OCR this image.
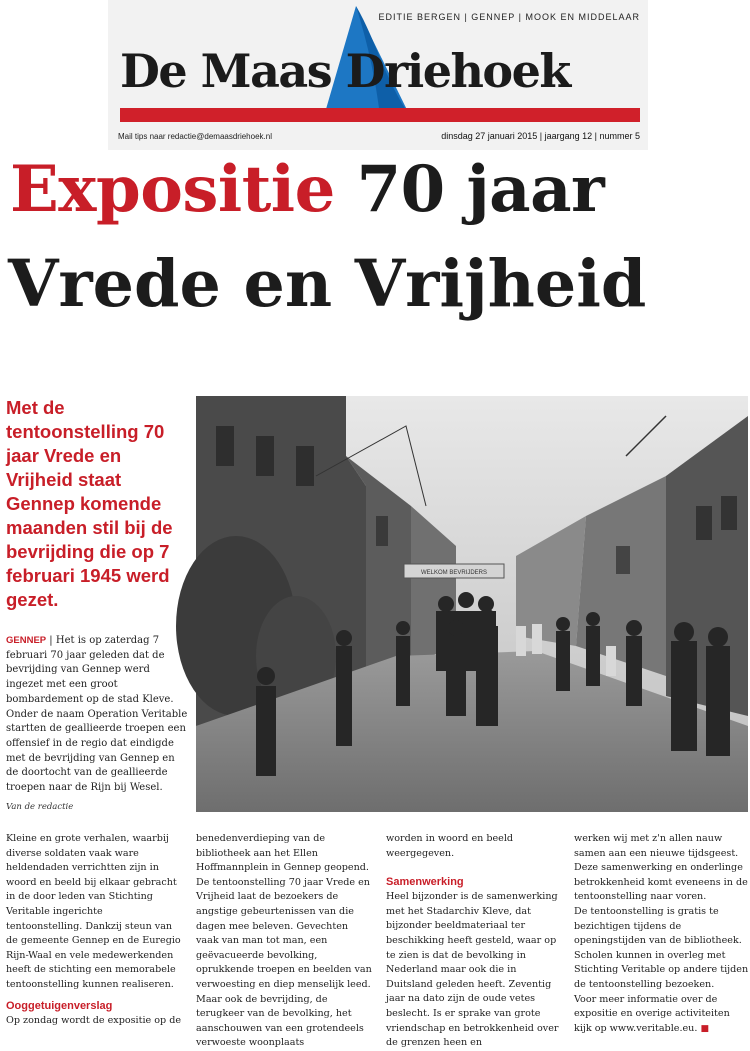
EDITIE BERGEN | GENNEP | MOOK EN MIDDELAAR
De Maas Driehoek
Mail tips naar redactie@demaasdriehoek.nl	dinsdag 27 januari 2015 | jaargang 12 | nummer 5
Expositie 70 jaar
Vrede en Vrijheid
Met de tentoonstelling 70 jaar Vrede en Vrijheid staat Gennep komende maanden stil bij de bevrijding die op 7 februari 1945 werd gezet.
GENNEP | Het is op zaterdag 7 februari 70 jaar geleden dat de bevrijding van Gennep werd ingezet met een groot bombardement op de stad Kleve. Onder de naam Operation Veritable startten de geallieerde troepen een offensief in de regio dat eindigde met de bevrijding van Gennep en de doortocht van de geallieerde troepen naar de Rijn bij Wesel.
Van de redactie
WELKOM BEVRIJDERS

Kleine en grote verhalen, waarbij diverse soldaten vaak ware heldendaden verrichtten zijn in woord en beeld bij elkaar gebracht in de door leden van Stichting Veritable ingerichte tentoonstelling. Dankzij steun van de gemeente Gennep en de Euregio Rijn-Waal en vele medewerkenden heeft de stichting een memorabele tentoonstelling kunnen realiseren.

Ooggetuigenverslag

Op zondag wordt de expositie op de

benedenverdieping van de bibliotheek aan het Ellen Hoffmannplein in Gennep geopend.

De tentoonstelling 70 jaar Vrede en Vrijheid laat de bezoekers de angstige gebeurtenissen van die dagen mee beleven. Gevechten vaak van man tot man, een geëvacueerde bevolking, oprukkende troepen en beelden van verwoesting en diep menselijk leed. Maar ook de bevrijding, de terugkeer van de bevolking, het aanschouwen van een grotendeels verwoeste woonplaats

worden in woord en beeld weergegeven.

Samenwerking

Heel bijzonder is de samenwerking met het Stadarchiv Kleve, dat bijzonder beeldmateriaal ter beschikking heeft gesteld, waar op te zien is dat de bevolking in Nederland maar ook die in Duitsland geleden heeft. Zeventig jaar na dato zijn de oude vetes beslecht. Is er sprake van grote vriendschap en betrokkenheid over de grenzen heen en

werken wij met z'n allen nauw samen aan een nieuwe tijdsgeest. Deze samenwerking en onderlinge betrokkenheid komt eveneens in de tentoonstelling naar voren.

De tentoonstelling is gratis te bezichtigen tijdens de openingstijden van de bibliotheek. Scholen kunnen in overleg met Stichting Veritable op andere tijden de tentoonstelling bezoeken.

Voor meer informatie over de expositie en overige activiteiten kijk op www.veritable.eu. ■
